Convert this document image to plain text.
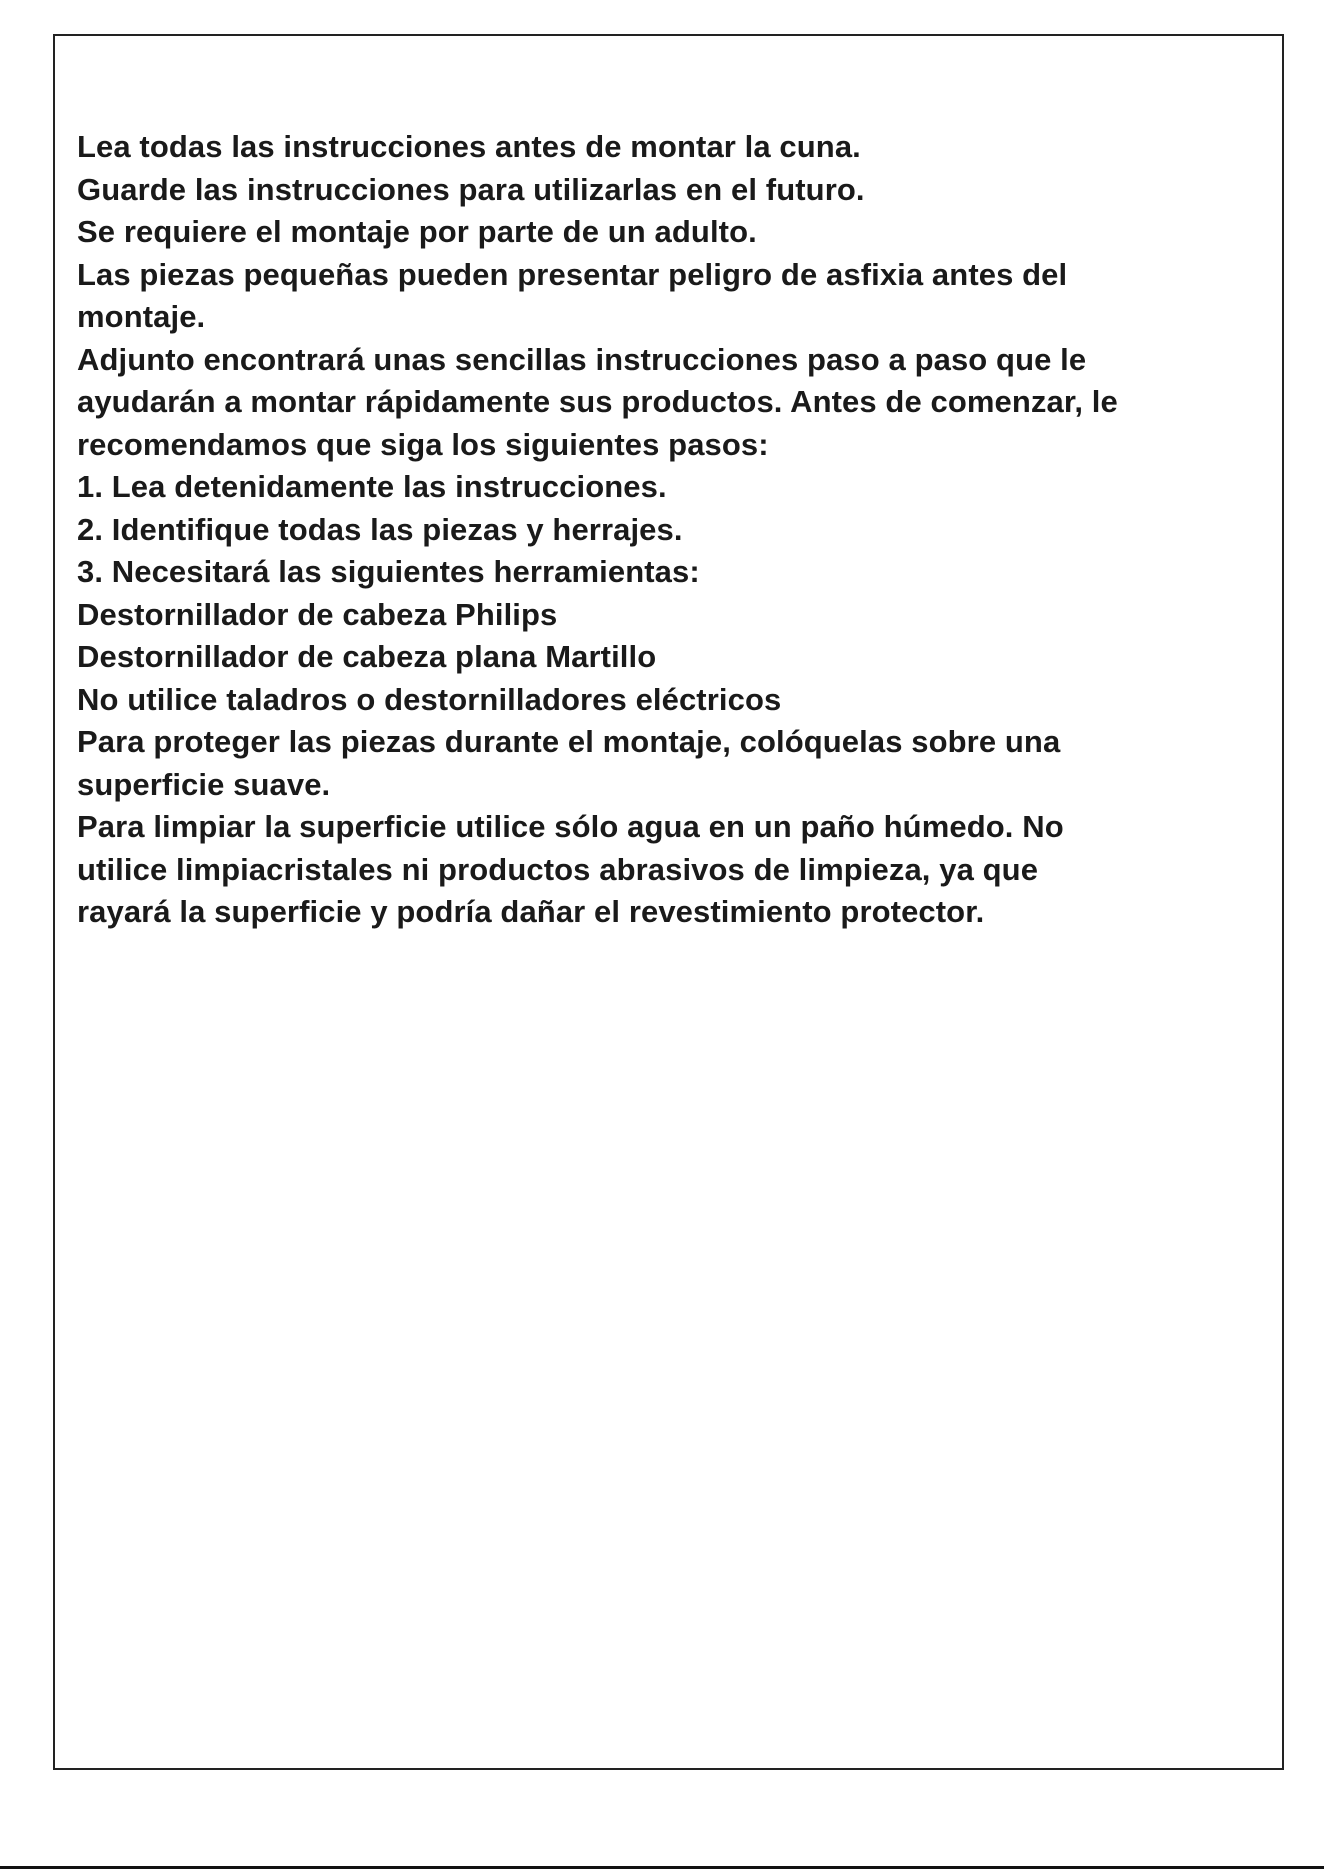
Lea todas las instrucciones antes de montar la cuna.
Guarde las instrucciones para utilizarlas en el futuro.
Se requiere el montaje por parte de un adulto.
Las piezas pequeñas pueden presentar peligro de asfixia antes del
montaje.
Adjunto encontrará unas sencillas instrucciones paso a paso que le
ayudarán a montar rápidamente sus productos. Antes de comenzar, le
recomendamos que siga los siguientes pasos:
1. Lea detenidamente las instrucciones.
2. Identifique todas las piezas y herrajes.
3. Necesitará las siguientes herramientas:
Destornillador de cabeza Philips
Destornillador de cabeza plana Martillo
No utilice taladros o destornilladores eléctricos
Para proteger las piezas durante el montaje, colóquelas sobre una
superficie suave.
Para limpiar la superficie utilice sólo agua en un paño húmedo. No
utilice limpiacristales ni productos abrasivos de limpieza, ya que
rayará la superficie y podría dañar el revestimiento protector.
